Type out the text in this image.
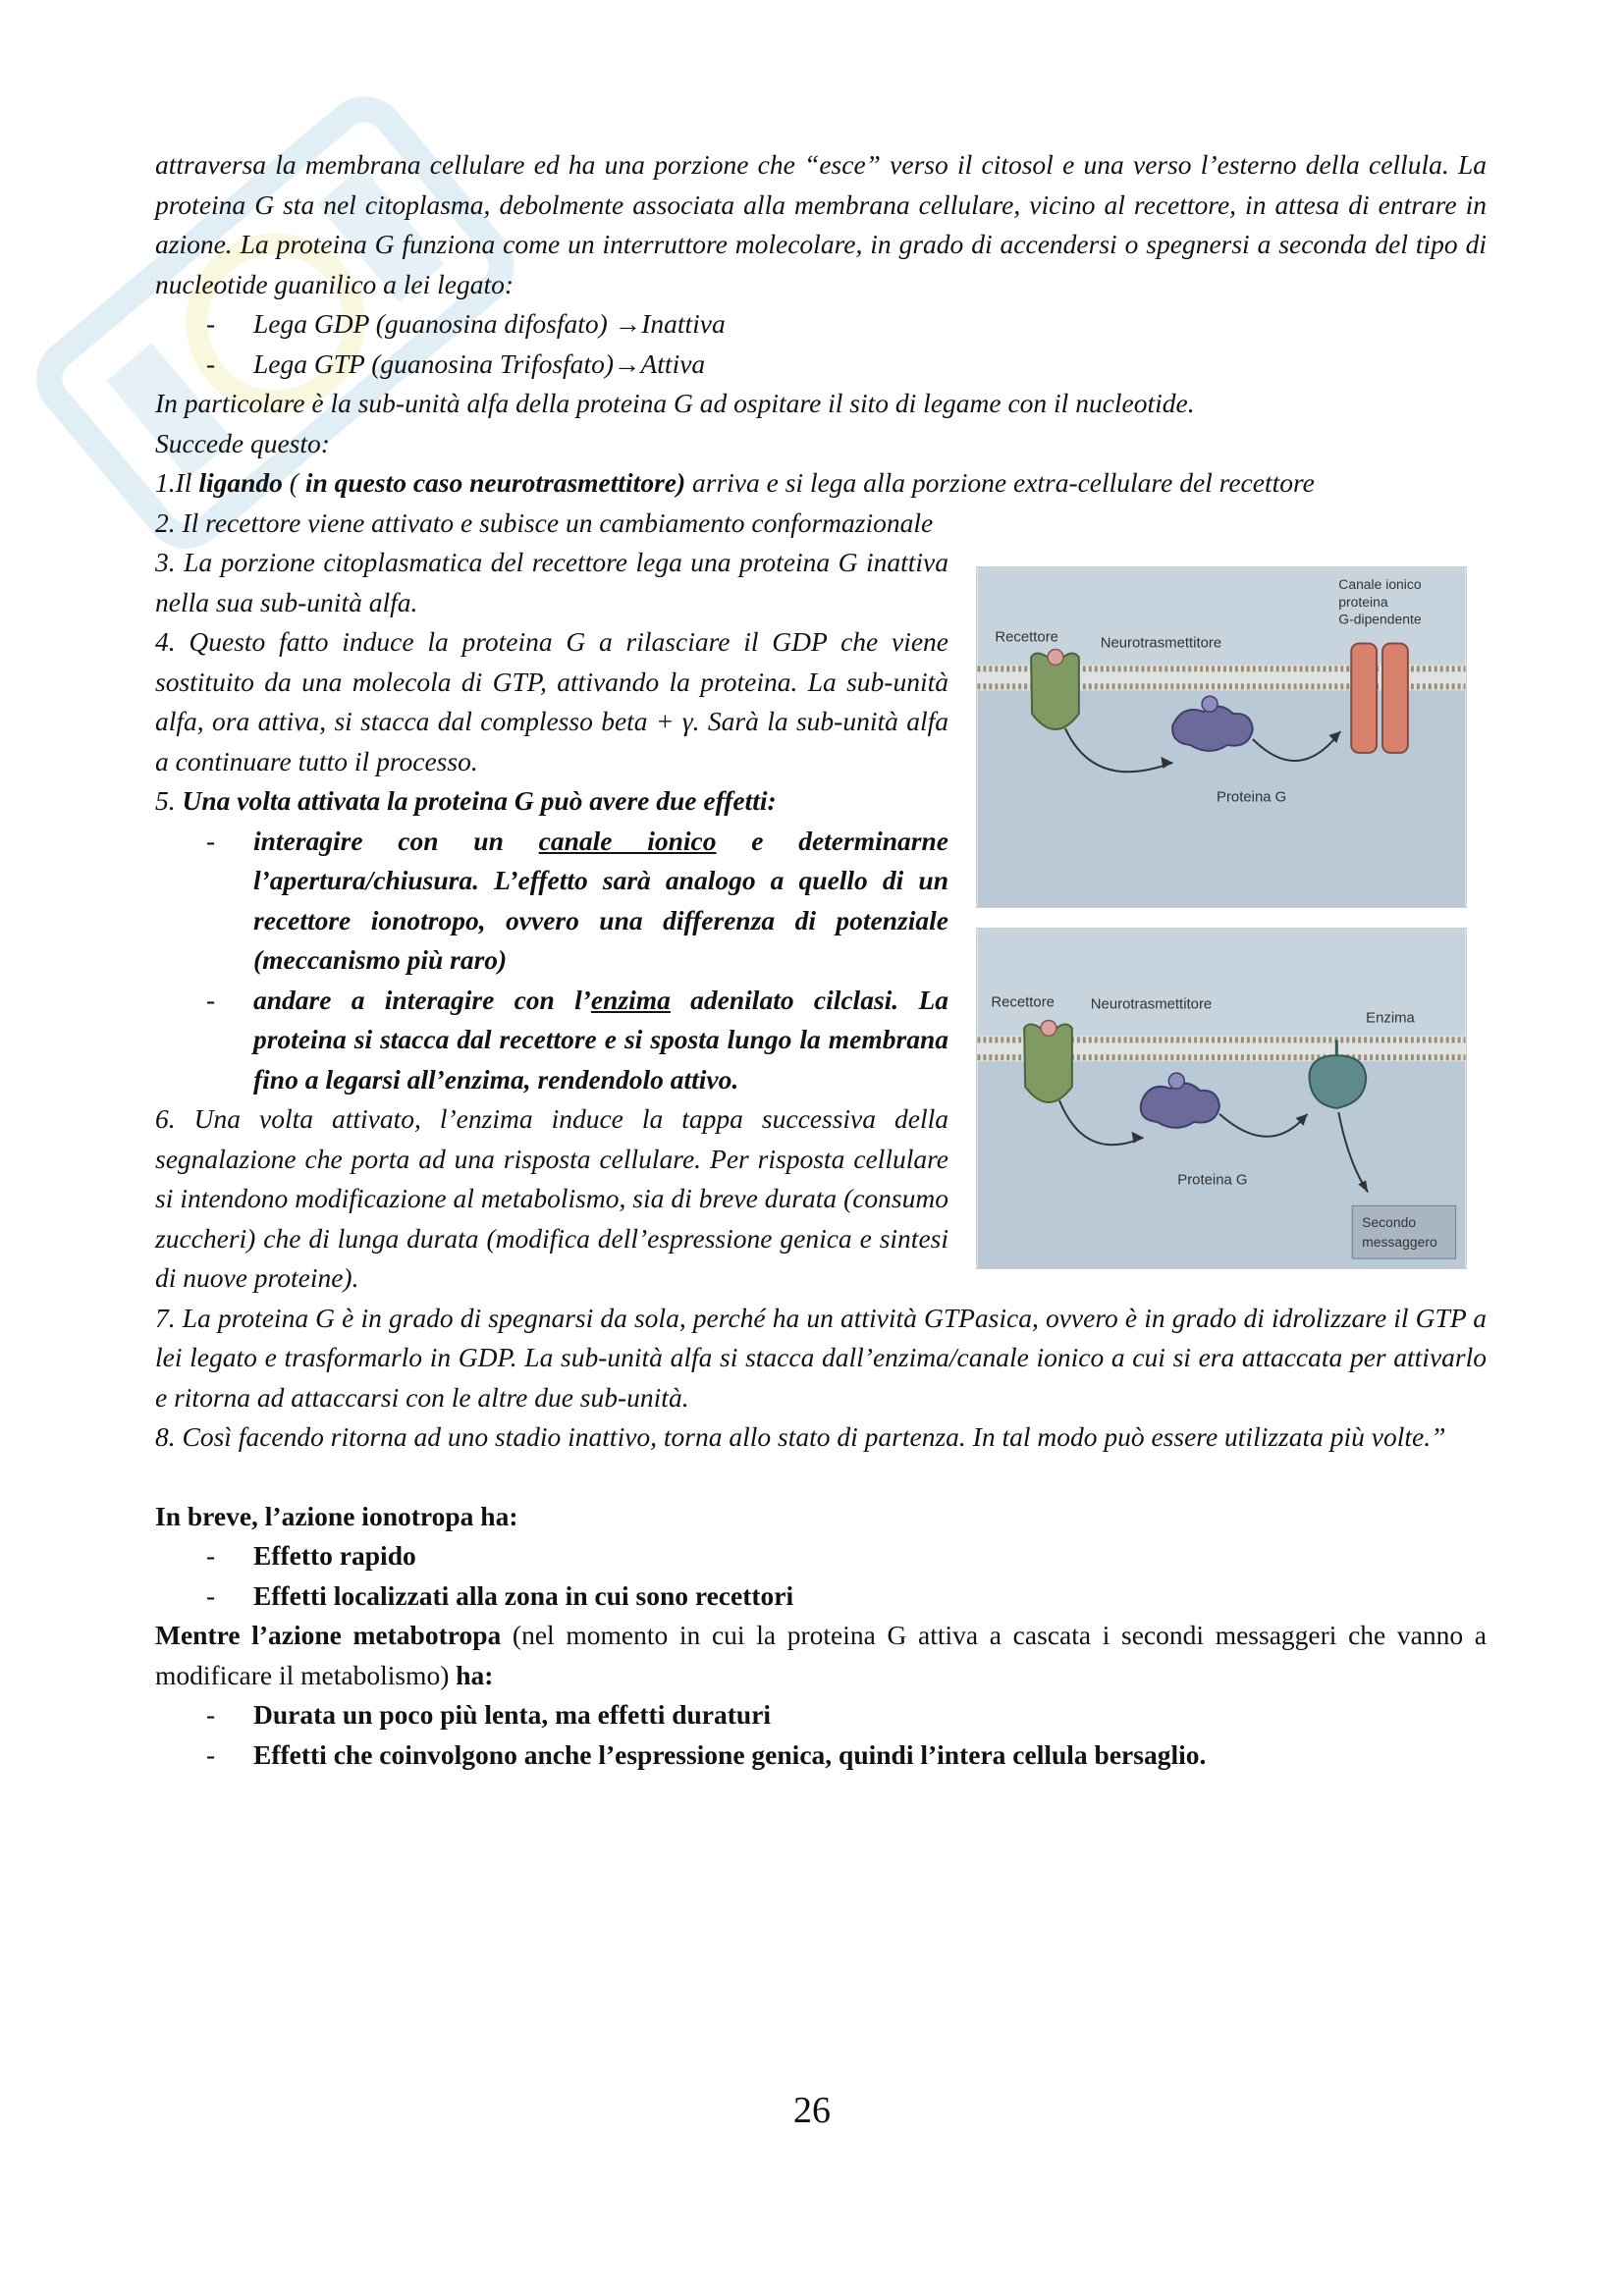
attraversa la membrana cellulare ed ha una porzione che “esce” verso il citosol e una verso l’esterno della cellula. La proteina G sta nel citoplasma, debolmente associata alla membrana cellulare, vicino al recettore, in attesa di entrare in azione. La proteina G funziona come un interruttore molecolare, in grado di accendersi o spegnersi a seconda del tipo di nucleotide guanilico a lei legato:

-	Lega GDP (guanosina difosfato) →Inattiva
-	Lega GTP (guanosina Trifosfato)→Attiva

In particolare è la sub-unità alfa della proteina G ad ospitare il sito di legame con il nucleotide.

Succede questo:

1.Il ligando ( in questo caso neurotrasmettitore) arriva e si lega alla porzione extra-cellulare del recettore

2. Il recettore viene attivato e subisce un cambiamento conformazionale

3. La porzione citoplasmatica del recettore lega una proteina G inattiva nella sua sub-unità alfa.

4. Questo fatto induce la proteina G a rilasciare il GDP che viene sostituito da una molecola di GTP, attivando la proteina. La sub-unità alfa, ora attiva, si stacca dal complesso beta + γ. Sarà la sub-unità alfa a continuare tutto il processo.

5. Una volta attivata la proteina G può avere due effetti:

-	interagire con un canale ionico e determinarne l’apertura/chiusura. L’effetto sarà analogo a quello di un recettore ionotropo, ovvero una differenza di potenziale (meccanismo più raro)
-	andare a interagire con l’enzima adenilato cilclasi. La proteina si stacca dal recettore e si sposta lungo la membrana fino a legarsi all’enzima, rendendolo attivo.

6. Una volta attivato, l’enzima induce la tappa successiva della segnalazione che porta ad una risposta cellulare. Per risposta cellulare si intendono modificazione al metabolismo, sia di breve durata (consumo zuccheri) che di lunga durata (modifica dell’espressione genica e sintesi di nuove proteine).

Recettore	Neurotrasmettitore
Canale ionico
proteina
G-dipendente
Proteina G
Recettore Neurotrasmettitore
Enzima
Proteina G
Secondo
messaggero

7. La proteina G è in grado di spegnarsi da sola, perché ha un attività GTPasica, ovvero è in grado di idrolizzare il GTP a lei legato e trasformarlo in GDP. La sub-unità alfa si stacca dall’enzima/canale ionico a cui si era attaccata per attivarlo e ritorna ad attaccarsi con le altre due sub-unità.

8. Così facendo ritorna ad uno stadio inattivo, torna allo stato di partenza. In tal modo può essere utilizzata più volte.”

In breve, l’azione ionotropa ha:

-	Effetto rapido
-	Effetti localizzati alla zona in cui sono recettori

Mentre l’azione metabotropa (nel momento in cui la proteina G attiva a cascata i secondi messaggeri che vanno a modificare il metabolismo) ha:

-	Durata un poco più lenta, ma effetti duraturi
-	Effetti che coinvolgono anche l’espressione genica, quindi l’intera cellula bersaglio.
26
